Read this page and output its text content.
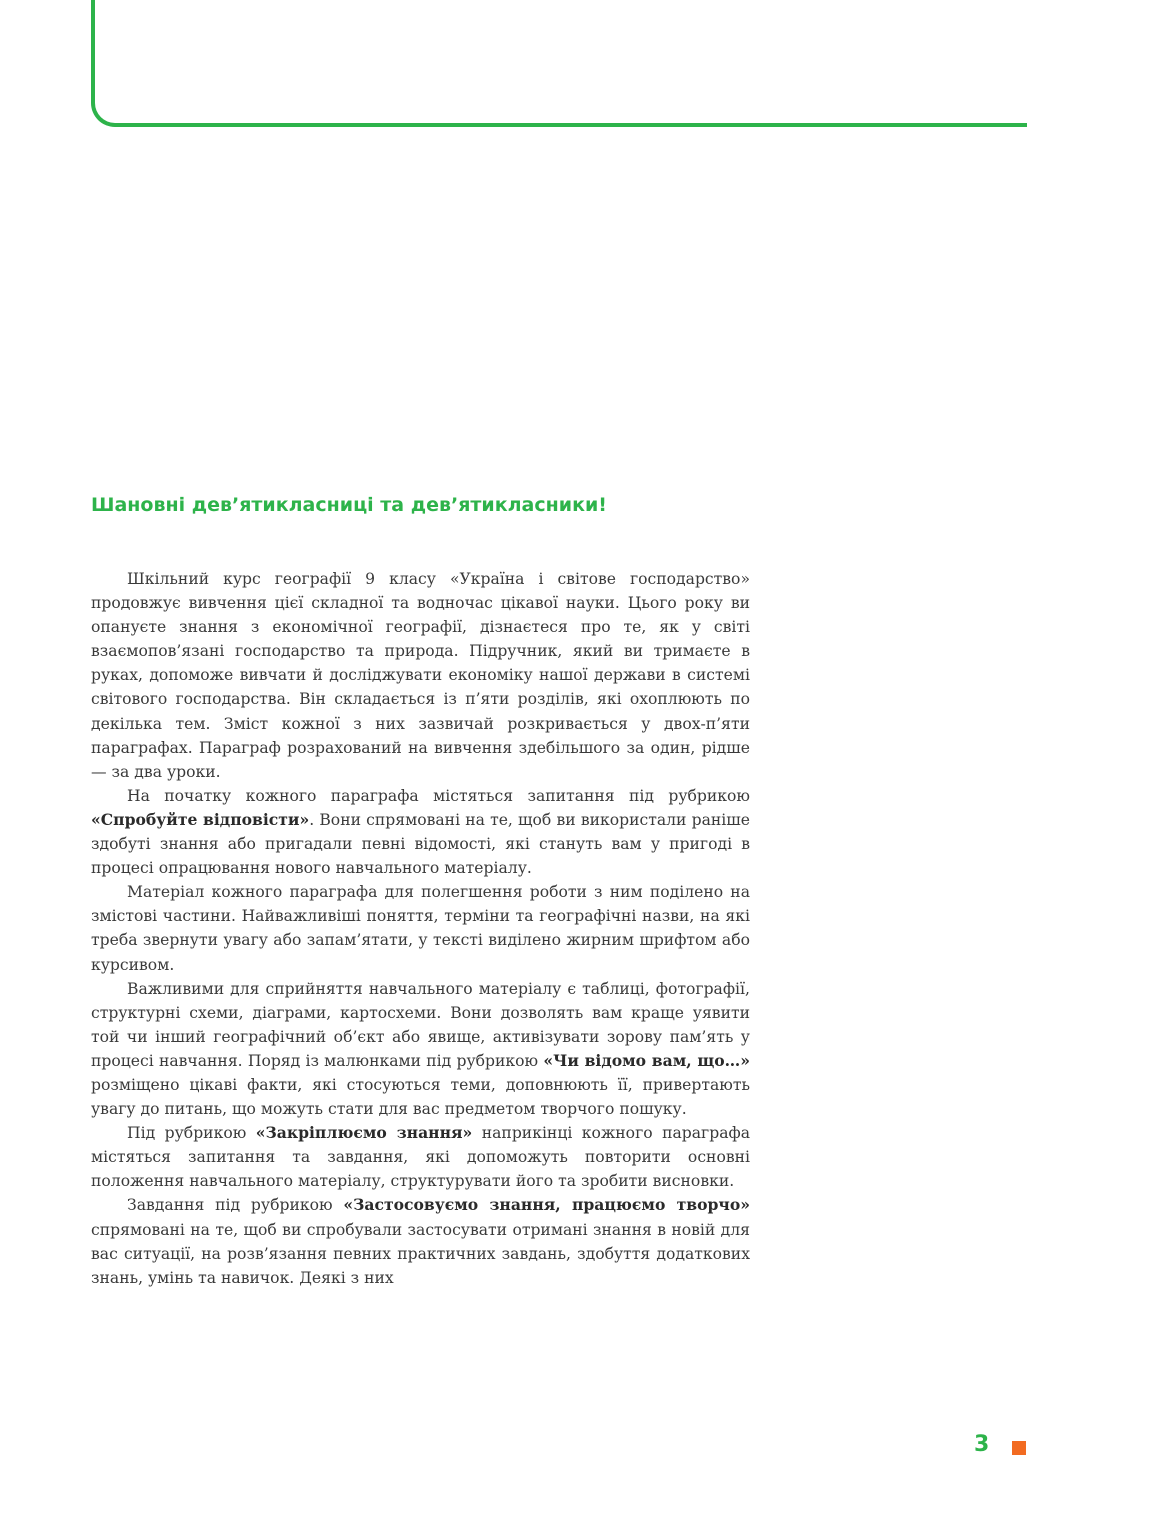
Шановні дев’ятикласниці та дев’ятикласники!

Шкільний курс географії 9 класу «Україна і світове господарство» продовжує вивчення цієї складної та водночас цікавої науки. Цього року ви опануєте знання з економічної географії, дізнаєтеся про те, як у світі взаємопов’язані господарство та природа. Підручник, який ви тримаєте в руках, допоможе вивчати й досліджувати економіку нашої держави в системі світового господарства. Він складається із п’яти розділів, які охоплюють по декілька тем. Зміст кожної з них зазвичай розкривається у двох-п’яти параграфах. Параграф розрахований на вивчення здебільшого за один, рідше — за два уроки.

На початку кожного параграфа містяться запитання під рубрикою «Спробуйте відповісти». Вони спрямовані на те, щоб ви використали раніше здобуті знання або пригадали певні відомості, які стануть вам у пригоді в процесі опрацювання нового навчального матеріалу.

Матеріал кожного параграфа для полегшення роботи з ним поділено на змістові частини. Найважливіші поняття, терміни та географічні назви, на які треба звернути увагу або запам’ятати, у тексті виділено жирним шрифтом або курсивом.

Важливими для сприйняття навчального матеріалу є таблиці, фотографії, структурні схеми, діаграми, картосхеми. Вони дозволять вам краще уявити той чи інший географічний об’єкт або явище, активізувати зорову пам’ять у процесі навчання. Поряд із малюнками під рубрикою «Чи відомо вам, що…» розміщено цікаві факти, які стосуються теми, доповнюють її, привертають увагу до питань, що можуть стати для вас предметом творчого пошуку.

Під рубрикою «Закріплюємо знання» наприкінці кожного параграфа містяться запитання та завдання, які допоможуть повторити основні положення навчального матеріалу, структурувати його та зробити висновки.

Завдання під рубрикою «Застосовуємо знання, працюємо творчо» спрямовані на те, щоб ви спробували застосувати отримані знання в новій для вас ситуації, на розв’язання певних практичних завдань, здобуття додаткових знань, умінь та навичок. Деякі з них

3
